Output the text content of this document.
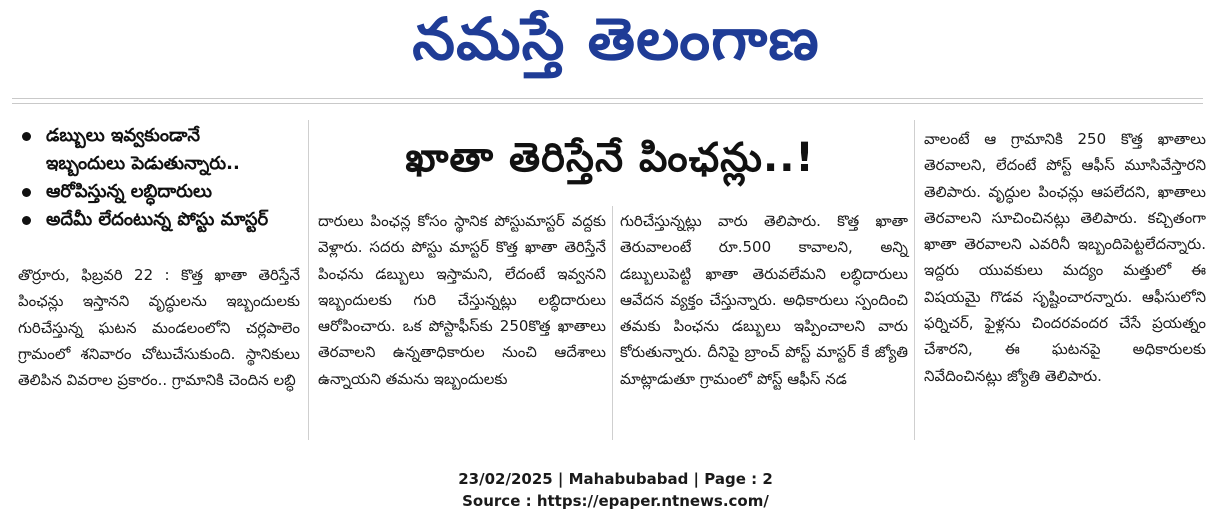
నమస్తే తెలంగాణ
డబ్బులు ఇవ్వకుండానే
ఇబ్బందులు పెడుతున్నారు..
ఆరోపిస్తున్న లబ్ధిదారులు
అదేమీ లేదంటున్న పోస్టు మాస్టర్
ఖాతా తెరిస్తేనే పింఛన్లు..!
తొర్రూరు, ఫిబ్రవరి 22 : కొత్త ఖాతా తెరిస్తేనే పింఛన్లు ఇస్తానని వృద్ధులను ఇబ్బందులకు గురిచేస్తున్న ఘటన మండలంలోని చర్లపాలెం గ్రామంలో శనివారం చోటుచేసుకుంది. స్థానికులు తెలిపిన వివరాల ప్రకారం.. గ్రామానికి చెందిన లబ్ధి
దారులు పింఛన్ల కోసం స్థానిక పోస్టుమాస్టర్ వద్దకు వెళ్లారు. సదరు పోస్టు మాస్టర్ కొత్త ఖాతా తెరిస్తేనే పింఛను డబ్బులు ఇస్తామని, లేదంటే ఇవ్వనని ఇబ్బందులకు గురి చేస్తున్నట్లు లబ్ధిదారులు ఆరోపించారు. ఒక పోస్టాఫీస్‌కు 250కొత్త ఖాతాలు తెరవాలని ఉన్నతాధికారుల నుంచి ఆదేశాలు ఉన్నాయని తమను ఇబ్బందులకు
గురిచేస్తున్నట్లు వారు తెలిపారు. కొత్త ఖాతా తెరువాలంటే రూ.500 కావాలని, అన్ని డబ్బులుపెట్టి ఖాతా తెరువలేమని లబ్ధిదారులు ఆవేదన వ్యక్తం చేస్తున్నారు. అధికారులు స్పందించి తమకు పింఛను డబ్బులు ఇప్పించాలని వారు కోరుతున్నారు. దీనిపై బ్రాంచ్ పోస్ట్ మాస్టర్ కే జ్యోతి మాట్లాడుతూ గ్రామంలో పోస్ట్ ఆఫీస్ నడ
వాలంటే ఆ గ్రామానికి 250 కొత్త ఖాతాలు తెరవాలని, లేదంటే పోస్ట్ ఆఫీస్ మూసివేస్తారని తెలిపారు. వృద్ధుల పింఛన్లు ఆపలేదని, ఖాతాలు తెరవాలని సూచించినట్లు తెలిపారు. కచ్చితంగా ఖాతా తెరవాలని ఎవరినీ ఇబ్బందిపెట్టలేదన్నారు. ఇద్దరు యువకులు మద్యం మత్తులో ఈ విషయమై గొడవ సృష్టించారన్నారు. ఆఫీసులోని ఫర్నిచర్, ఫైళ్లను చిందరవందర చేసే ప్రయత్నం చేశారని, ఈ ఘటనపై అధికారులకు నివేదించినట్లు జ్యోతి తెలిపారు.
23/02/2025 | Mahabubabad | Page : 2
Source : https://epaper.ntnews.com/
